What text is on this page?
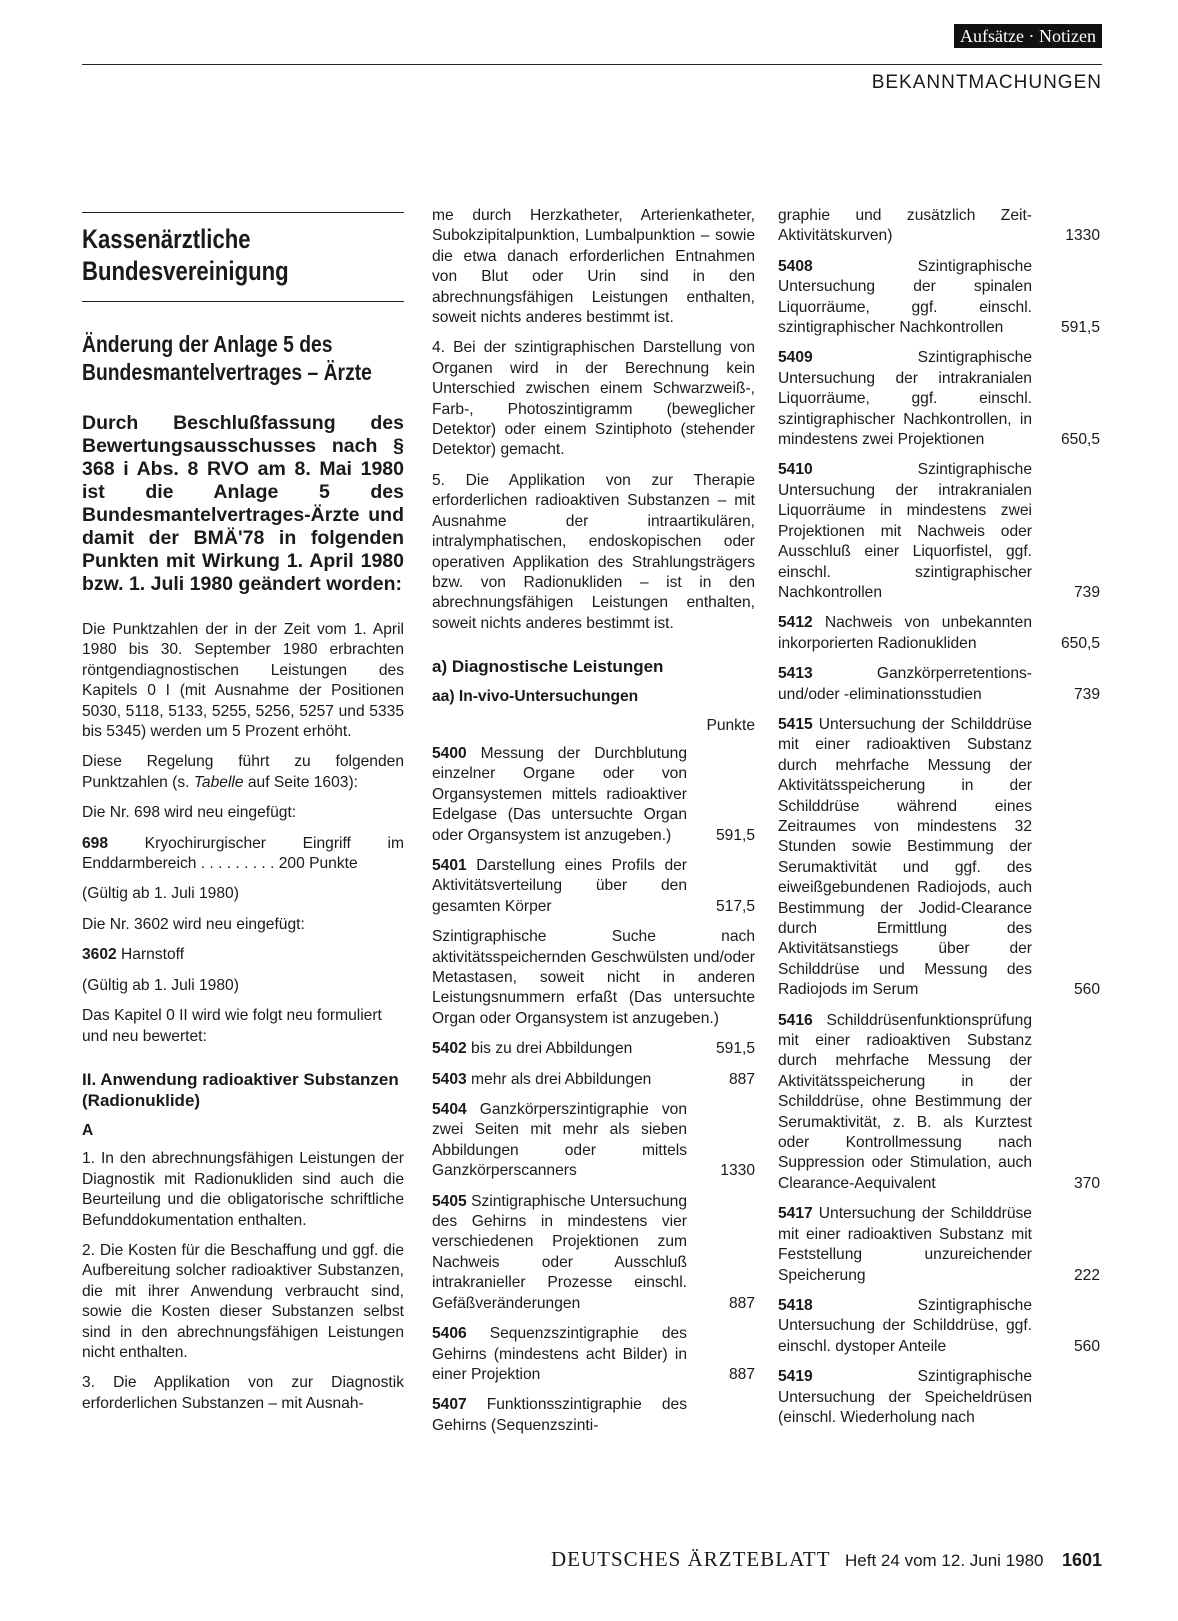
Aufsätze · Notizen
BEKANNTMACHUNGEN
Kassenärztliche
Bundesvereinigung
Änderung der Anlage 5 des Bundesmantelvertrages – Ärzte
Durch Beschlußfassung des Bewertungsausschusses nach § 368 i Abs. 8 RVO am 8. Mai 1980 ist die Anlage 5 des Bundesmantelvertrages-Ärzte und damit der BMÄ'78 in folgenden Punkten mit Wirkung 1. April 1980 bzw. 1. Juli 1980 geändert worden:

Die Punktzahlen der in der Zeit vom 1. April 1980 bis 30. September 1980 erbrachten röntgendiagnostischen Leistungen des Kapitels 0 I (mit Ausnahme der Positionen 5030, 5118, 5133, 5255, 5256, 5257 und 5335 bis 5345) werden um 5 Prozent erhöht.

Diese Regelung führt zu folgenden Punktzahlen (s. Tabelle auf Seite 1603):

Die Nr. 698 wird neu eingefügt:

698 Kryochirurgischer Eingriff im Enddarmbereich . . . . . . . . . 200 Punkte

(Gültig ab 1. Juli 1980)

Die Nr. 3602 wird neu eingefügt:

3602 Harnstoff

(Gültig ab 1. Juli 1980)

Das Kapitel 0 II wird wie folgt neu formuliert und neu bewertet:

II. Anwendung radioaktiver Substanzen (Radionuklide)
A

1. In den abrechnungsfähigen Leistungen der Diagnostik mit Radionukliden sind auch die Beurteilung und die obligatorische schriftliche Befunddokumentation enthalten.

2. Die Kosten für die Beschaffung und ggf. die Aufbereitung solcher radioaktiver Substanzen, die mit ihrer Anwendung verbraucht sind, sowie die Kosten dieser Substanzen selbst sind in den abrechnungsfähigen Leistungen nicht enthalten.

3. Die Applikation von zur Diagnostik erforderlichen Substanzen – mit Ausnah-

me durch Herzkatheter, Arterienkatheter, Subokzipitalpunktion, Lumbalpunktion – sowie die etwa danach erforderlichen Entnahmen von Blut oder Urin sind in den abrechnungsfähigen Leistungen enthalten, soweit nichts anderes bestimmt ist.

4. Bei der szintigraphischen Darstellung von Organen wird in der Berechnung kein Unterschied zwischen einem Schwarzweiß-, Farb-, Photoszintigramm (beweglicher Detektor) oder einem Szintiphoto (stehender Detektor) gemacht.

5. Die Applikation von zur Therapie erforderlichen radioaktiven Substanzen – mit Ausnahme der intraartikulären, intralymphatischen, endoskopischen oder operativen Applikation des Strahlungsträgers bzw. von Radionukliden – ist in den abrechnungsfähigen Leistungen enthalten, soweit nichts anderes bestimmt ist.

a) Diagnostische Leistungen
aa) In-vivo-Untersuchungen
Punkte
5400 Messung der Durchblutung einzelner Organe oder von Organsystemen mittels radioaktiver Edelgase (Das untersuchte Organ oder Organsystem ist anzugeben.)	591,5
5401 Darstellung eines Profils der Aktivitätsverteilung über den gesamten Körper	517,5

Szintigraphische Suche nach aktivitätsspeichernden Geschwülsten und/oder Metastasen, soweit nicht in anderen Leistungsnummern erfaßt (Das untersuchte Organ oder Organsystem ist anzugeben.)

5402 bis zu drei Abbildungen	591,5
5403 mehr als drei Abbildungen	887
5404 Ganzkörperszintigraphie von zwei Seiten mit mehr als sieben Abbildungen oder mittels Ganzkörperscanners	1330
5405 Szintigraphische Untersuchung des Gehirns in mindestens vier verschiedenen Projektionen zum Nachweis oder Ausschluß intrakranieller Prozesse einschl. Gefäßveränderungen	887
5406 Sequenzszintigraphie des Gehirns (mindestens acht Bilder) in einer Projektion	887
5407 Funktionsszintigraphie des Gehirns (Sequenzszinti-
graphie und zusätzlich Zeit-Aktivitätskurven)	1330
5408	Szintigraphische Untersuchung der spinalen Liquorräume, ggf. einschl. szintigraphischer Nachkontrollen	591,5
5409	Szintigraphische Untersuchung der intrakranialen Liquorräume, ggf. einschl. szintigraphischer Nachkontrollen, in mindestens zwei Projektionen	650,5
5410	Szintigraphische Untersuchung der intrakranialen Liquorräume in mindestens zwei Projektionen mit Nachweis oder Ausschluß einer Liquorfistel, ggf. einschl. szintigraphischer Nachkontrollen	739
5412 Nachweis von unbekannten inkorporierten Radionukliden	650,5
5413	Ganzkörperretentions- und/oder -eliminationsstudien	739
5415 Untersuchung der Schilddrüse mit einer radioaktiven Substanz durch mehrfache Messung der Aktivitätsspeicherung in der Schilddrüse während eines Zeitraumes von mindestens 32 Stunden sowie Bestimmung der Serumaktivität und ggf. des eiweißgebundenen Radiojods, auch Bestimmung der Jodid-Clearance durch Ermittlung des Aktivitätsanstiegs über der Schilddrüse und Messung des Radiojods im Serum	560
5416 Schilddrüsenfunktionsprüfung mit einer radioaktiven Substanz durch mehrfache Messung der Aktivitätsspeicherung in der Schilddrüse, ohne Bestimmung der Serumaktivität, z. B. als Kurztest oder Kontrollmessung nach Suppression oder Stimulation, auch Clearance-Aequivalent	370
5417 Untersuchung der Schilddrüse mit einer radioaktiven Substanz mit Feststellung unzureichender Speicherung	222
5418	Szintigraphische Untersuchung der Schilddrüse, ggf. einschl. dystoper Anteile	560
5419	Szintigraphische Untersuchung der Speicheldrüsen (einschl. Wiederholung nach
DEUTSCHES ÄRZTEBLATT Heft 24 vom 12. Juni 1980 1601
